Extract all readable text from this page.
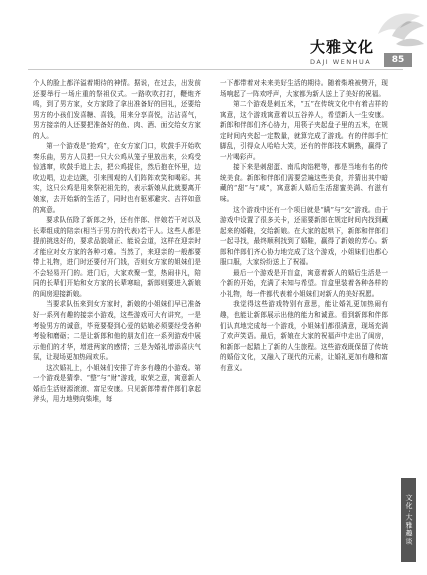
大雅文化
DAJI WENHUA	85

个人的脸上都洋溢着期待的神情。据说，在过去，出发前还要举行一场庄重的祭祖仪式。一路吹吹打打，鞭炮齐鸣，到了男方家，女方家除了拿出准备好的回礼，还要给男方的小孩们发喜糖、喜钱，用来分享喜悦，沾沾喜气，男方接亲的人还要把准备好的鱼、肉、酒、面交给女方家的人。

第一个游戏是“抢鸡”，在女方家门口，吹鼓手开始吹奏乐曲，男方人员把一只大公鸡从笼子里放出来，公鸡受惊逃窜，吹鼓手追上去，把公鸡捉住，然后抱在怀里，边吹边唱，边走边跳，引来围观的人们阵阵欢笑和喝彩。其实，这只公鸡是用来祭祀祖先的，表示新娘从此就要离开娘家，去开始新的生活了，同时也有驱邪避灾、吉祥如意的寓意。

要求队伍除了新郎之外，还有伴郎、伴娘若干对以及长辈组成的陪亲(相当于男方的代表)若干人。这些人都是提前挑选好的，要求品貌端正、能说会道，这样在迎亲时才能应对女方家的各种刁难。当然了，来迎亲的一般都要带上礼物，进门时还要付开门钱，否则女方家的姐妹们是不会轻易开门的。进门后，大家欢聚一堂，热闹非凡，陪同的长辈们开始和女方家的长辈寒暄，新郎则要进入新娘的闺房迎接新娘。

当要求队伍来到女方家时，新娘的小姐妹们早已准备好一系列有趣的接亲小游戏，这些游戏可大有讲究，一是考验男方的诚意，毕竟要娶到心爱的姑娘必须要经受各种考验和磨砺；二是让新郎和他的朋友们在一系列游戏中展示他们的才华，增进两家的感情；三是为婚礼增添喜庆气氛，让现场更加热闹欢乐。

这次婚礼上，小姐妹们安排了许多有趣的小游戏。第一个游戏是猜拳、“整”与“财”游戏，取荣之意，寓意新人婚后生活财源滚滚、富足安康。只见新郎带着伴郎们拿起斧头，用力地劈向柴堆，每

一下都带着对未来美好生活的期待。随着柴堆被劈开，现场响起了一阵欢呼声，大家都为新人送上了美好的祝福。

第二个游戏是刺五米，“五”在传统文化中有着吉祥的寓意，这个游戏寓意着以五谷养人，希望新人一生安康。新郎和伴郎们齐心协力，用筷子夹起盘子里的五米，在规定时间内夹起一定数量，就算完成了游戏。有的伴郎手忙脚乱，引得众人哈哈大笑，还有的伴郎技术娴熟，赢得了一片喝彩声。

接下来是刺甜蛋、南瓜肉馅粑等，都是当地有名的传统美食。新郎和伴郎们需要尝遍这些美食，并猜出其中暗藏的“甜”与“咸”，寓意新人婚后生活甜蜜美满、有滋有味。

这个游戏中还有一个项目就是“瞒”与“交”游戏。由于游戏中设置了很多关卡，还需要新郎在规定时间内找到藏起来的婚鞋，交给新娘。在大家的起哄下，新郎和伴郎们一起寻找，最终顺利找到了婚鞋，赢得了新娘的芳心。新郎和伴郎们齐心协力地完成了这个游戏，小姐妹们也都心服口服，大家纷纷送上了祝福。

最后一个游戏是开盲盒，寓意着新人的婚后生活是一个新的开始，充满了未知与希望。盲盒里装着各种各样的小礼物，每一件都代表着小姐妹们对新人的美好祝愿。

我觉得这些游戏特别有意思，能让婚礼更加热闹有趣，也能让新郎展示出他的能力和诚意。看到新郎和伴郎们认真地完成每一个游戏，小姐妹们都很满意，现场充满了欢声笑语。最后，新娘在大家的祝福声中走出了闺房，和新郎一起踏上了新的人生旅程。这些游戏既保留了传统的婚俗文化，又融入了现代的元素，让婚礼更加有趣和富有意义。

文化·大雅趣谈
